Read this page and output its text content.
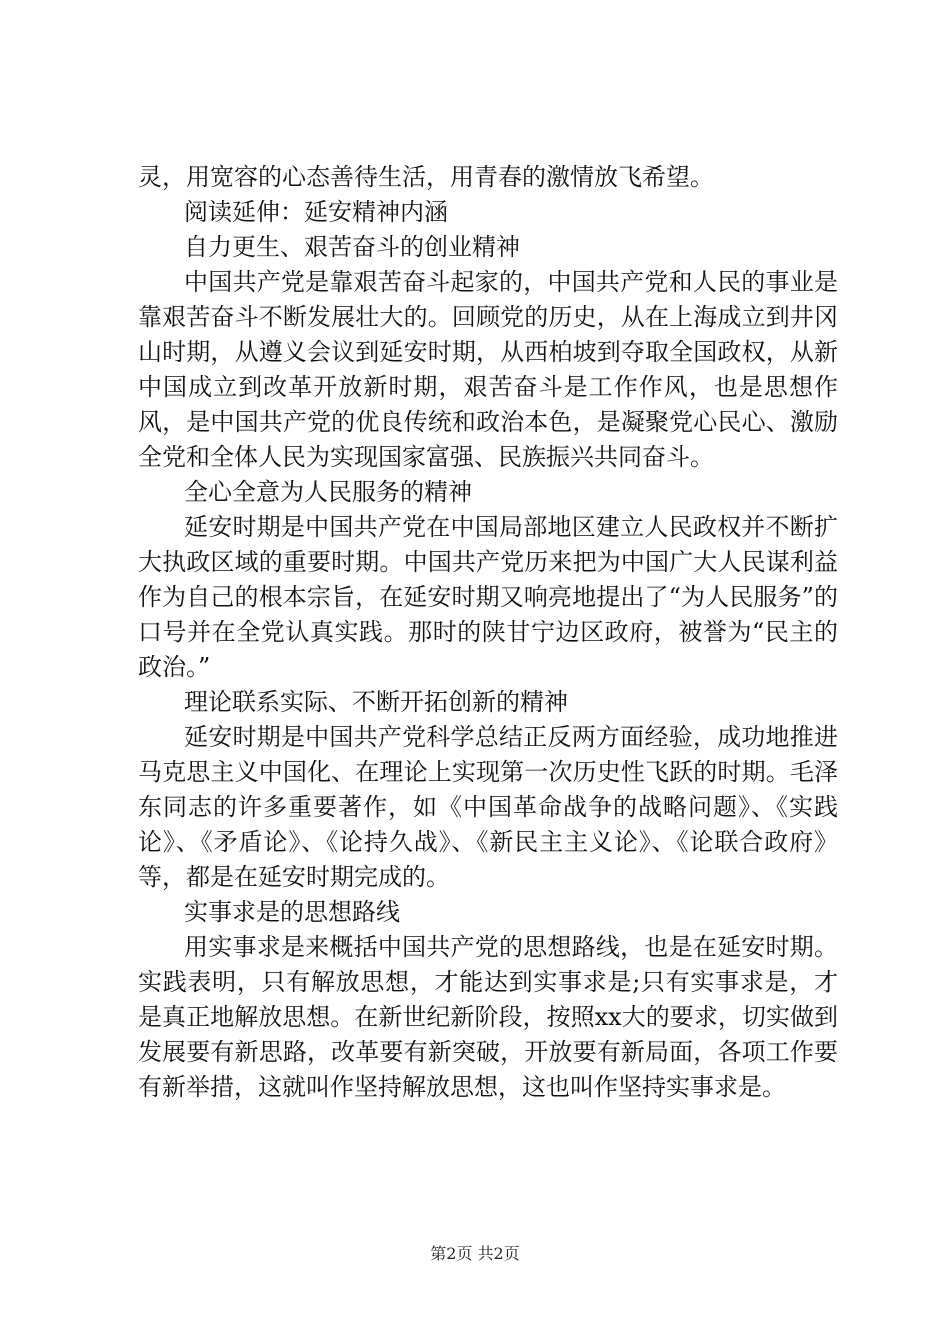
灵，用宽容的心态善待生活，用青春的激情放飞希望。

阅读延伸：延安精神内涵

自力更生、艰苦奋斗的创业精神

中国共产党是靠艰苦奋斗起家的，中国共产党和人民的事业是靠艰苦奋斗不断发展壮大的。回顾党的历史，从在上海成立到井冈山时期，从遵义会议到延安时期，从西柏坡到夺取全国政权，从新中国成立到改革开放新时期，艰苦奋斗是工作作风，也是思想作风，是中国共产党的优良传统和政治本色，是凝聚党心民心、激励全党和全体人民为实现国家富强、民族振兴共同奋斗。

全心全意为人民服务的精神

延安时期是中国共产党在中国局部地区建立人民政权并不断扩大执政区域的重要时期。中国共产党历来把为中国广大人民谋利益作为自己的根本宗旨，在延安时期又响亮地提出了“为人民服务”的口号并在全党认真实践。那时的陕甘宁边区政府，被誉为“民主的政治。”

理论联系实际、不断开拓创新的精神

延安时期是中国共产党科学总结正反两方面经验，成功地推进马克思主义中国化、在理论上实现第一次历史性飞跃的时期。毛泽东同志的许多重要著作，如《中国革命战争的战略问题》、《实践论》、《矛盾论》、《论持久战》、《新民主主义论》、《论联合政府》等，都是在延安时期完成的。

实事求是的思想路线

用实事求是来概括中国共产党的思想路线，也是在延安时期。实践表明，只有解放思想，才能达到实事求是;只有实事求是，才是真正地解放思想。在新世纪新阶段，按照xx大的要求，切实做到发展要有新思路，改革要有新突破，开放要有新局面，各项工作要有新举措，这就叫作坚持解放思想，这也叫作坚持实事求是。

第2页 共2页
